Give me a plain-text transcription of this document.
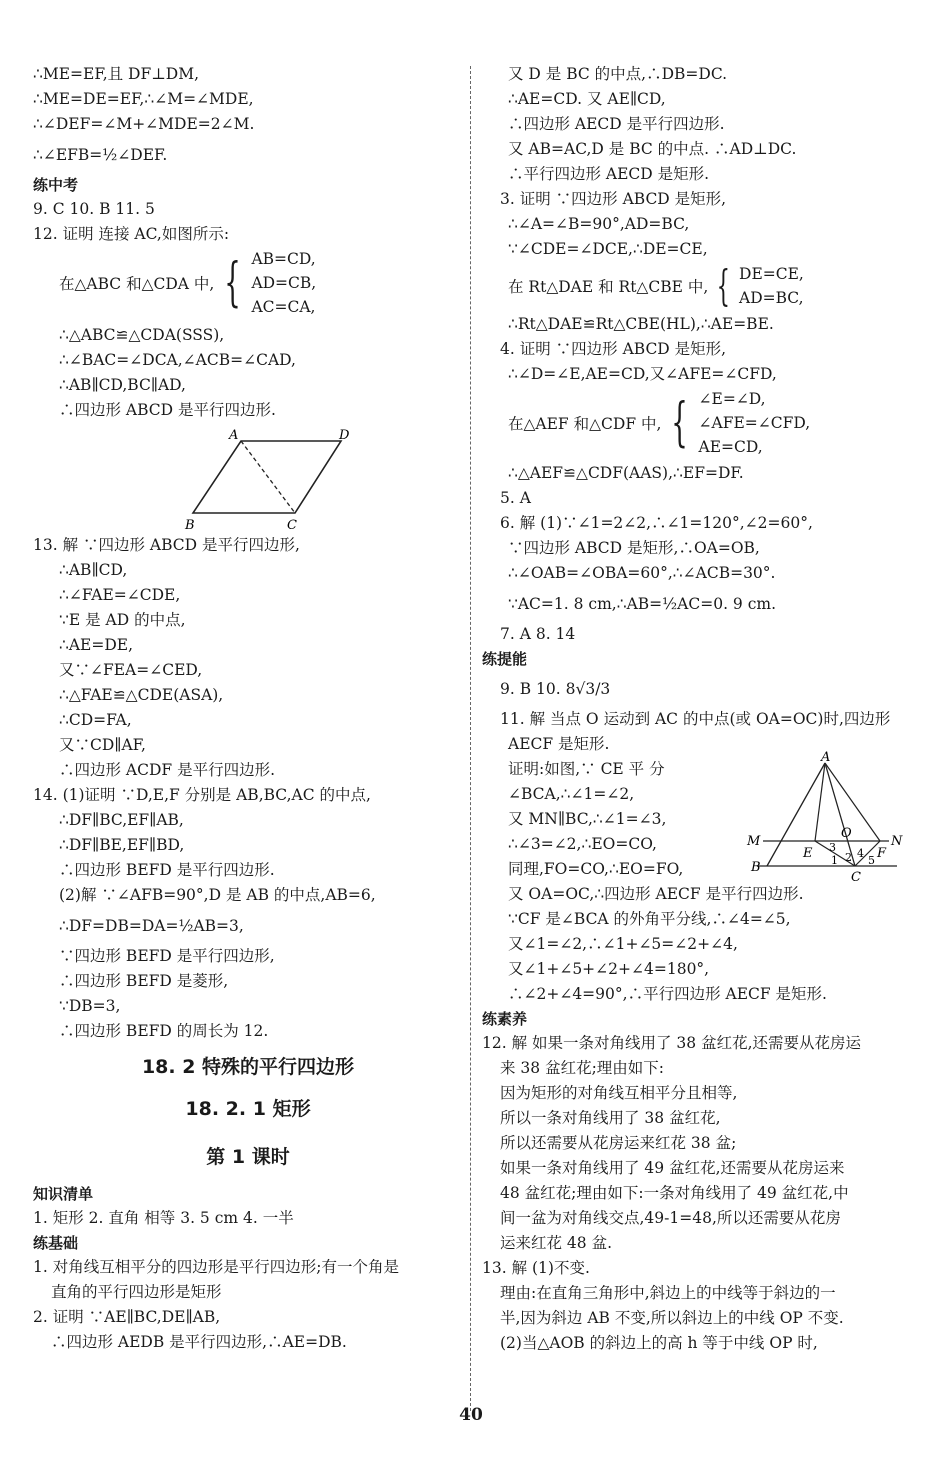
∴ME=EF,且 DF⊥DM,
∴ME=DE=EF,∴∠M=∠MDE,
∴∠DEF=∠M+∠MDE=2∠M.
∴∠EFB=½∠DEF.
练中考
9. C 10. B 11. 5
12. 证明 连接 AC,如图所示:
在△ABC 和△CDA 中, { AB=CD,
AD=CB,
AC=CA,
∴△ABC≌△CDA(SSS),
∴∠BAC=∠DCA,∠ACB=∠CAD,
∴AB∥CD,BC∥AD,
∴四边形 ABCD 是平行四边形.
A	D
B	C
13. 解 ∵四边形 ABCD 是平行四边形,
∴AB∥CD,
∴∠FAE=∠CDE,
∵E 是 AD 的中点,
∴AE=DE,
又∵∠FEA=∠CED,
∴△FAE≌△CDE(ASA),
∴CD=FA,
又∵CD∥AF,
∴四边形 ACDF 是平行四边形.
14. (1)证明 ∵D,E,F 分别是 AB,BC,AC 的中点,
∴DF∥BC,EF∥AB,
∴DF∥BE,EF∥BD,
∴四边形 BEFD 是平行四边形.
(2)解 ∵∠AFB=90°,D 是 AB 的中点,AB=6,
∴DF=DB=DA=½AB=3,
∵四边形 BEFD 是平行四边形,
∴四边形 BEFD 是菱形,
∵DB=3,
∴四边形 BEFD 的周长为 12.
18. 2 特殊的平行四边形
18. 2. 1 矩形
第 1 课时
知识清单
1. 矩形 2. 直角 相等 3. 5 cm 4. 一半
练基础
1. 对角线互相平分的四边形是平行四边形;有一个角是
直角的平行四边形是矩形
2. 证明 ∵AE∥BC,DE∥AB,
∴四边形 AEDB 是平行四边形,∴AE=DB.
又 D 是 BC 的中点,∴DB=DC.
∴AE=CD. 又 AE∥CD,
∴四边形 AECD 是平行四边形.
又 AB=AC,D 是 BC 的中点. ∴AD⊥DC.
∴平行四边形 AECD 是矩形.
3. 证明 ∵四边形 ABCD 是矩形,
∴∠A=∠B=90°,AD=BC,
∵∠CDE=∠DCE,∴DE=CE,
在 Rt△DAE 和 Rt△CBE 中, { DE=CE,
AD=BC,
∴Rt△DAE≌Rt△CBE(HL),∴AE=BE.
4. 证明 ∵四边形 ABCD 是矩形,
∴∠D=∠E,AE=CD,又∠AFE=∠CFD,
在△AEF 和△CDF 中, { ∠E=∠D,
∠AFE=∠CFD,
AE=CD,
∴△AEF≌△CDF(AAS),∴EF=DF.
5. A
6. 解 (1)∵∠1=2∠2,∴∠1=120°,∠2=60°,
∵四边形 ABCD 是矩形,∴OA=OB,
∴∠OAB=∠OBA=60°,∴∠ACB=30°.
∵AC=1. 8 cm,∴AB=½AC=0. 9 cm.
7. A 8. 14
练提能
9. B 10. 8√3/3
11. 解 当点 O 运动到 AC 的中点(或 OA=OC)时,四边形
AECF 是矩形.
证明:如图,∵ CE 平 分
∠BCA,∴∠1=∠2,
又 MN∥BC,∴∠1=∠3,
∴∠3=∠2,∴EO=CO,
同理,FO=CO,∴EO=FO,
A
M	N
E
O
F
B
C
1 2
3 4
5
又 OA=OC,∴四边形 AECF 是平行四边形.
∵CF 是∠BCA 的外角平分线,∴∠4=∠5,
又∠1=∠2,∴∠1+∠5=∠2+∠4,
又∠1+∠5+∠2+∠4=180°,
∴∠2+∠4=90°,∴平行四边形 AECF 是矩形.
练素养
12. 解 如果一条对角线用了 38 盆红花,还需要从花房运
来 38 盆红花;理由如下:
因为矩形的对角线互相平分且相等,
所以一条对角线用了 38 盆红花,
所以还需要从花房运来红花 38 盆;
如果一条对角线用了 49 盆红花,还需要从花房运来
48 盆红花;理由如下:一条对角线用了 49 盆红花,中
间一盆为对角线交点,49-1=48,所以还需要从花房
运来红花 48 盆.
13. 解 (1)不变.
理由:在直角三角形中,斜边上的中线等于斜边的一
半,因为斜边 AB 不变,所以斜边上的中线 OP 不变.
(2)当△AOB 的斜边上的高 h 等于中线 OP 时,
40
